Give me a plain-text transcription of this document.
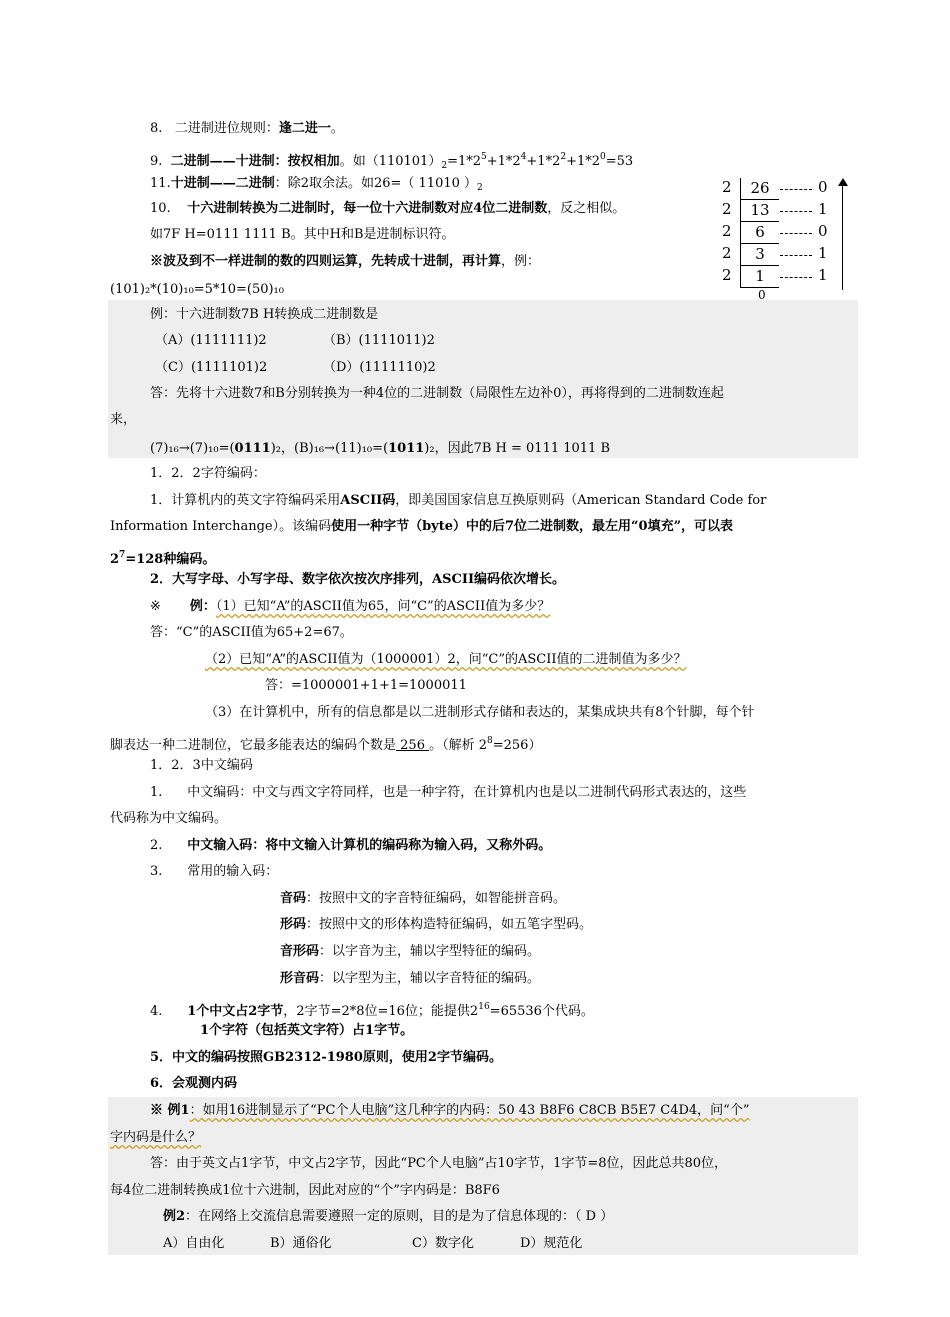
8. 二进制进位规则：逢二进一。
9. 二进制——十进制：按权相加。如$(110101)_2=1*2^5+1*2^4+1*2^2+1*2^0=53$
11.十进制——二进制：除2取余法。如26=（ 11010 ）$_2$
10. 十六进制转换为二进制时，每一位十六进制数对应4位二进制数，反之相似。
如7F H=0111 1111 B。其中H和B是进制标识符。
※波及到不一样进制的数的四则运算，先转成十进制，再计算，例：
(101)₂*(10)₁₀=5*10=(50)₁₀
2	26	0
2	13	1
2	6	0
2	3	1
2	1	1
0
例：十六进制数7B H转换成二进制数是
（A）(1111111)2	（B）(1111011)2
（C）(1111101)2	（D）(1111110)2
答：先将十六进数7和B分别转换为一种4位的二进制数（局限性左边补0），再将得到的二进制数连起
来，
(7)₁₆→(7)₁₀=(0111)₂，(B)₁₆→(11)₁₀=(1011)₂，因此7B H = 0111 1011 B
1．2．2字符编码：
1．计算机内的英文字符编码采用ASCII码，即美国国家信息互换原则码（American Standard Code for
Information Interchange）。该编码使用一种字节（byte）中的后7位二进制数，最左用“0填充”，可以表
$2^7=128$种编码。
2．大写字母、小写字母、数字依次按次序排列，ASCII编码依次增长。
※ 例：（1）已知“A”的ASCII值为65，问“C”的ASCII值为多少？
答：“C”的ASCII值为65+2=67。
（2）已知“A”的ASCII值为（1000001）2，问“C”的ASCII值的二进制值为多少？
答：=1000001+1+1=1000011
（3）在计算机中，所有的信息都是以二进制形式存储和表达的，某集成块共有8个针脚，每个针
脚表达一种二进制位，它最多能表达的编码个数是 256 。（解析 $2^8=256$）
1．2．3中文编码
1. 中文编码：中文与西文字符同样，也是一种字符，在计算机内也是以二进制代码形式表达的，这些
代码称为中文编码。
2. 中文输入码：将中文输入计算机的编码称为输入码，又称外码。
3. 常用的输入码：
音码：按照中文的字音特征编码，如智能拼音码。
形码：按照中文的形体构造特征编码，如五笔字型码。
音形码：以字音为主，辅以字型特征的编码。
形音码：以字型为主，辅以字音特征的编码。
4. 1个中文占2字节，2字节=2*8位=16位；能提供$2^{16}=65536$个代码。
1个字符（包括英文字符）占1字节。
5．中文的编码按照GB2312-1980原则，使用2字节编码。
6．会观测内码
※ 例1：如用16进制显示了“PC个人电脑”这几种字的内码：50 43 B8F6 C8CB B5E7 C4D4，问“个”
字内码是什么？
答：由于英文占1字节，中文占2字节，因此“PC个人电脑”占10字节，1字节=8位，因此总共80位，
每4位二进制转换成1位十六进制，因此对应的“个”字内码是：B8F6
例2：在网络上交流信息需要遵照一定的原则，目的是为了信息体现的：（ D ）
A）自由化	B）通俗化	C）数字化	D）规范化
